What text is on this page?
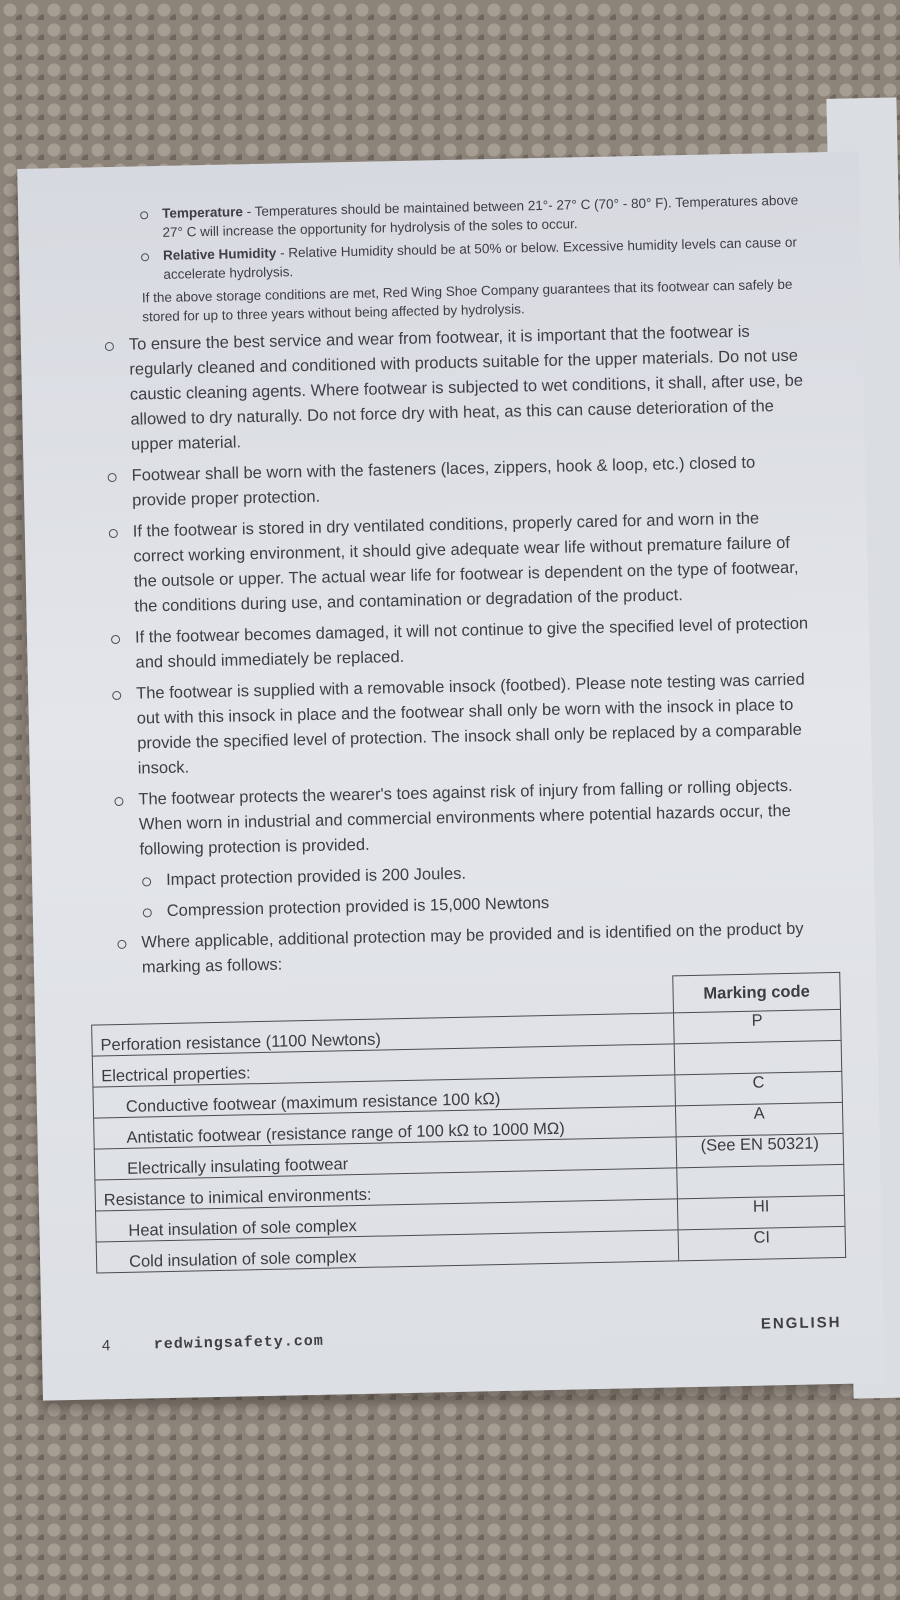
Temperature - Temperatures should be maintained between 21°- 27° C (70° - 80° F). Temperatures above 27° C will increase the opportunity for hydrolysis of the soles to occur.
Relative Humidity - Relative Humidity should be at 50% or below. Excessive humidity levels can cause or accelerate hydrolysis.
If the above storage conditions are met, Red Wing Shoe Company guarantees that its footwear can safely be stored for up to three years without being affected by hydrolysis.
To ensure the best service and wear from footwear, it is important that the footwear is regularly cleaned and conditioned with products suitable for the upper materials. Do not use caustic cleaning agents. Where footwear is subjected to wet conditions, it shall, after use, be allowed to dry naturally. Do not force dry with heat, as this can cause deterioration of the upper material.
Footwear shall be worn with the fasteners (laces, zippers, hook & loop, etc.) closed to provide proper protection.
If the footwear is stored in dry ventilated conditions, properly cared for and worn in the correct working environment, it should give adequate wear life without premature failure of the outsole or upper. The actual wear life for footwear is dependent on the type of footwear, the conditions during use, and contamination or degradation of the product.
If the footwear becomes damaged, it will not continue to give the specified level of protection and should immediately be replaced.
The footwear is supplied with a removable insock (footbed). Please note testing was carried out with this insock in place and the footwear shall only be worn with the insock in place to provide the specified level of protection. The insock shall only be replaced by a comparable insock.
The footwear protects the wearer's toes against risk of injury from falling or rolling objects. When worn in industrial and commercial environments where potential hazards occur, the following protection is provided.
Impact protection provided is 200 Joules.
Compression protection provided is 15,000 Newtons
Where applicable, additional protection may be provided and is identified on the product by marking as follows:
	Marking code
Perforation resistance (1100 Newtons)	P
Electrical properties:	
Conductive footwear (maximum resistance 100 kΩ)	C
Antistatic footwear (resistance range of 100 kΩ to 1000 MΩ)	A
Electrically insulating footwear	(See EN 50321)
Resistance to inimical environments:	
Heat insulation of sole complex	HI
Cold insulation of sole complex	CI
4	redwingsafety.com
ENGLISH
